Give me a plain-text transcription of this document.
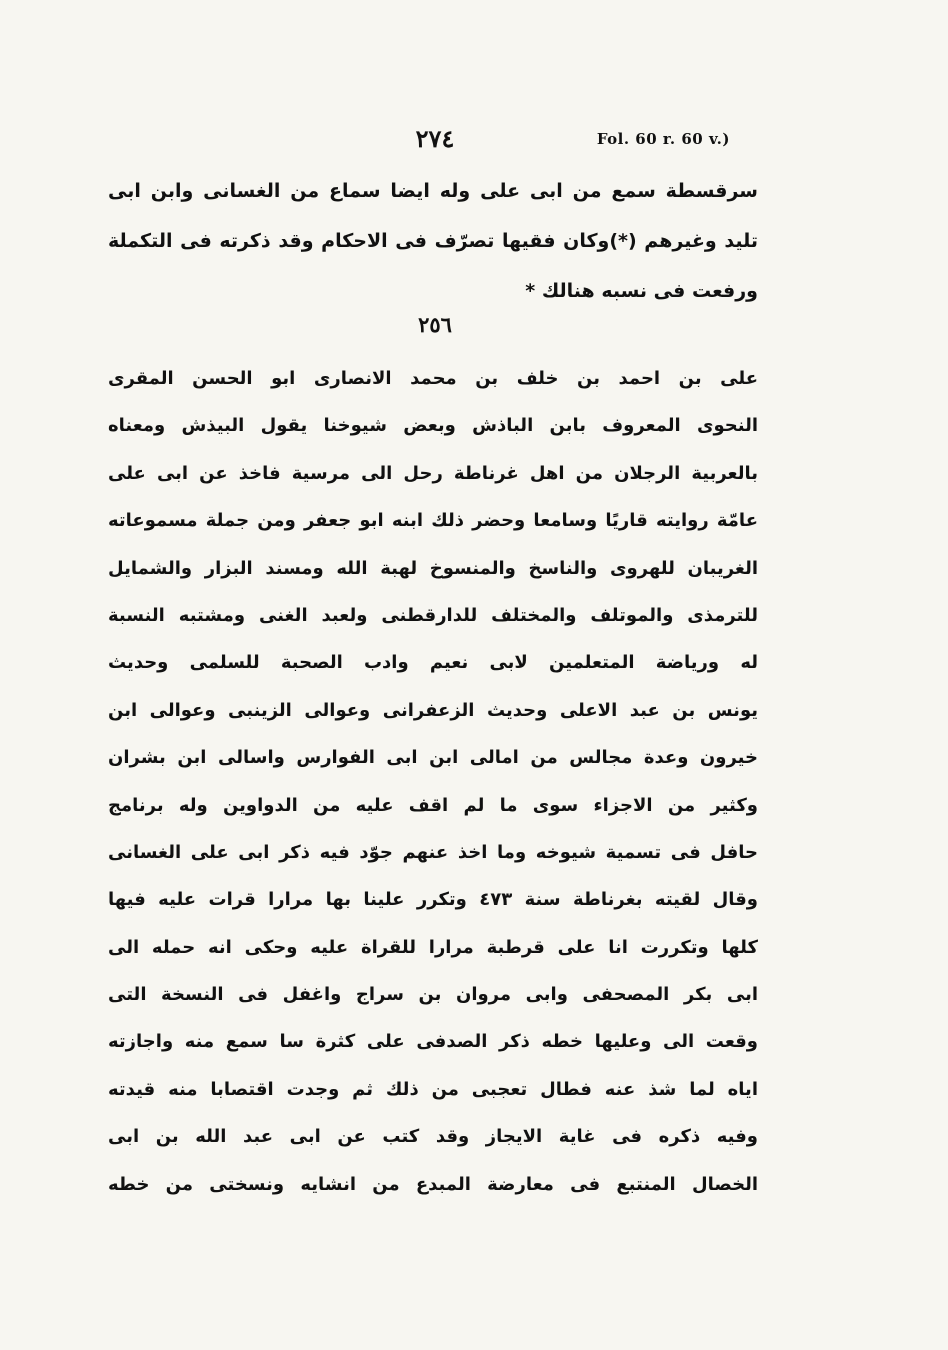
٢٧٤	Fol. 60 r. 60 v.)
سرقسطة سمع من ابى على وله ايضا سماع من الغسانى وابن ابى
تليد وغيرهم (*)وكان فقيها تصرّف فى الاحكام وقد ذكرته فى التكملة
ورفعت فى نسبه هنالك *
٢٥٦
على بن احمد بن خلف بن محمد الانصارى ابو الحسن المقرى
النحوى المعروف بابن الباذش وبعض شيوخنا يقول البيذش ومعناه
بالعربية الرجلان من اهل غرناطة رحل الى مرسية فاخذ عن ابى على
عامّة روايته قاريًا وسامعا وحضر ذلك ابنه ابو جعفر ومن جملة مسموعاته
الغريبان للهروى والناسخ والمنسوخ لهبة الله ومسند البزار والشمايل
للترمذى والموتلف والمختلف للدارقطنى ولعبد الغنى ومشتبه النسبة
له ورياضة المتعلمين لابى نعيم وادب الصحبة للسلمى وحديث
يونس بن عبد الاعلى وحديث الزعفرانى وعوالى الزينبى وعوالى ابن
خيرون وعدة مجالس من امالى ابن ابى الفوارس واسالى ابن بشران
وكثير من الاجزاء سوى ما لم اقف عليه من الدواوين وله برنامج
حافل فى تسمية شيوخه وما اخذ عنهم جوّد فيه ذكر ابى على الغسانى
وقال لقيته بغرناطة سنة ٤٧٣ وتكرر علينا بها مرارا قرات عليه فيها
كلها وتكررت انا على قرطبة مرارا للقراة عليه وحكى انه حمله الى
ابى بكر المصحفى وابى مروان بن سراج واغفل فى النسخة التى
وقعت الى وعليها خطه ذكر الصدفى على كثرة سا سمع منه واجازته
اياه لما شذ عنه فطال تعجبى من ذلك ثم وجدت اقتصابا منه قيدته
وفيه ذكره فى غاية الايجاز وقد كتب عن ابى عبد الله بن ابى
الخصال المنتبع فى معارضة المبدع من انشايه ونسختى من خطه
